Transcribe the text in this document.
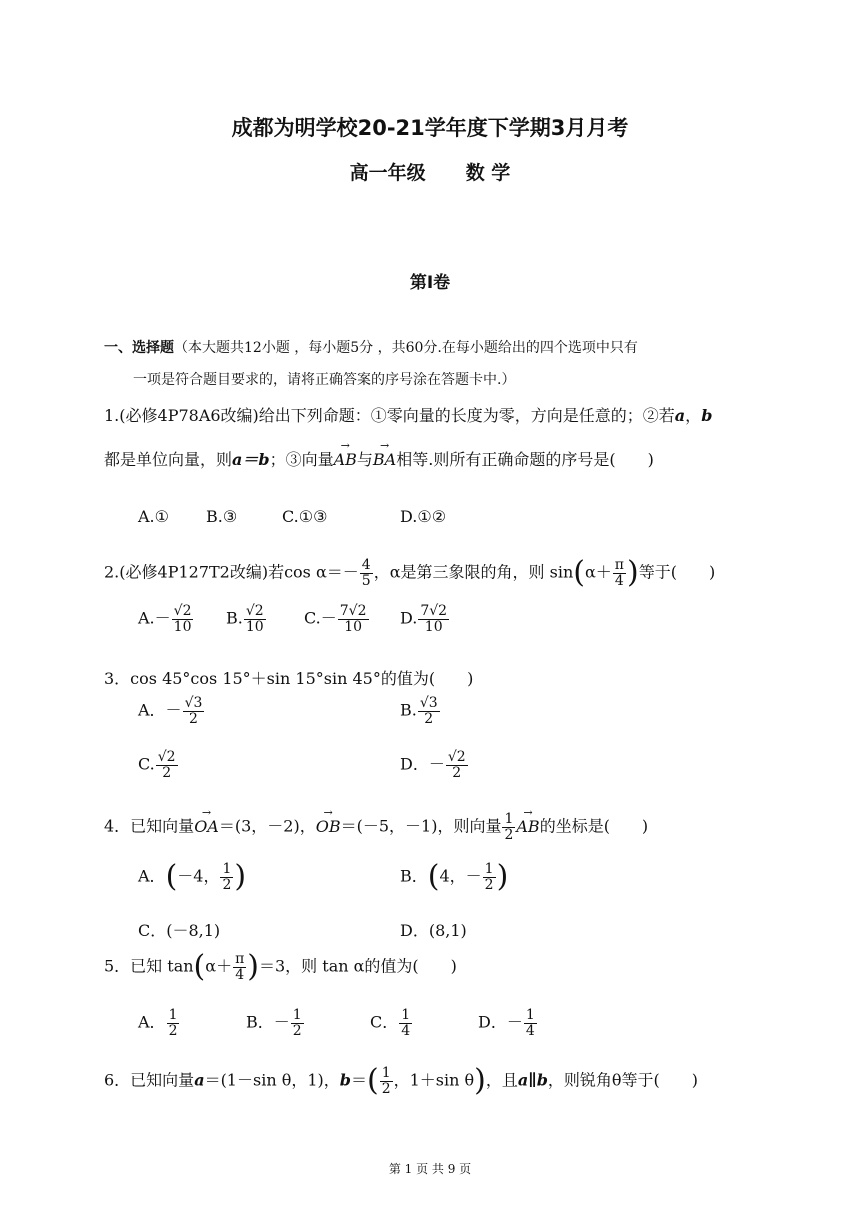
成都为明学校20-21学年度下学期3月月考
高一年级 数 学
第Ⅰ卷
一、选择题（本大题共12小题 ，每小题5分 ，共60分.在每小题给出的四个选项中只有
一项是符合题目要求的，请将正确答案的序号涂在答题卡中.）
1.(必修4P78A6改编)给出下列命题：①零向量的长度为零，方向是任意的；②若a，b
都是单位向量，则a＝b；③向量→ AB与→ BA相等.则所有正确命题的序号是(　　)
A.① B.③	C.①③	D.①②
2.(必修4P127T2改编)若$\cos \alpha=- \frac{4}{5}$ ，α是第三象限的角，则 $\sin(\alpha+ \frac{\pi}{4}$ )等于(　　)
$A.- \frac{√2}{10} B$. $\frac{√2}{10} C.- \frac{7√2}{10} D$. $\frac{7√2}{10}$
3．cos 45°cos 15°＋sin 15°sin 45°的值为(　　)
A．－ $\frac{√3}{2}$	B. $\frac{√3}{2}$
C. $\frac{√2}{2}$	D．－ $\frac{√2}{2}$
4．已知向量→ OA＝(3，－2)，→ OB＝(－5，－1)，则向量 $\frac{1}{2}$
→ AB的坐标是(　　)
A．(－4， $\frac{1}{2}$ )	B．(4，－ $\frac{1}{2}$ )
C．(－8,1)	D．(8,1)
5．已知 $\tan(\alpha+ \frac{\pi}{4} )=3$，则 tan α的值为(　　)
A． $\frac{1}{2}$	B．－ $\frac{1}{2}$	C． $\frac{1}{4}$	D．－ $\frac{1}{4}$
6．已知向量a＝(1－sin θ，1)，$b=( \frac{1}{2}$ ，1＋sin θ)，且a∥b，则锐角θ等于(　　)
第 1 页 共 9 页
